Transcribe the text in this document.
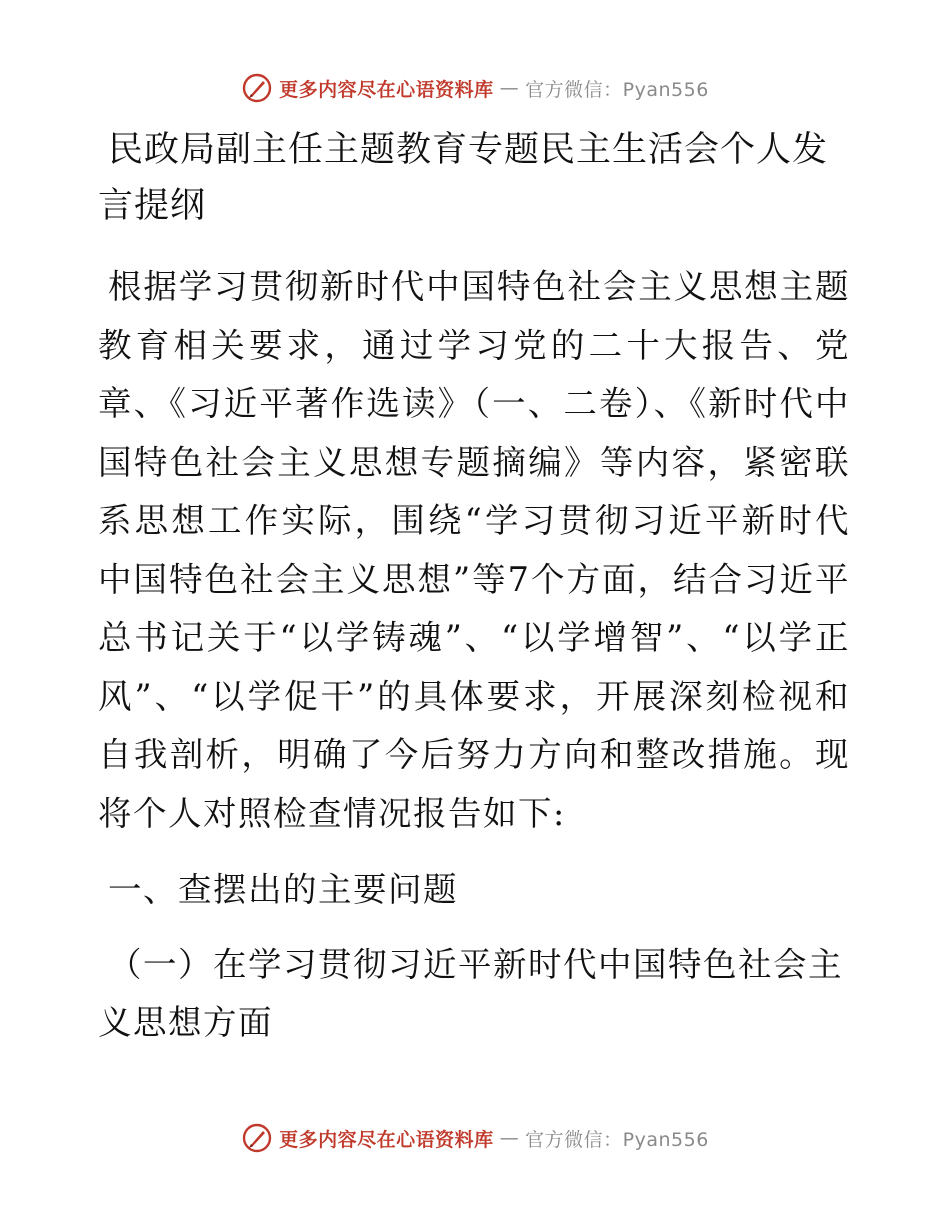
更多内容尽在心语资料库 — 官方微信：Pyan556
民政局副主任主题教育专题民主生活会个人发言提纲

根据学习贯彻新时代中国特色社会主义思想主题教育相关要求，通过学习党的二十大报告、党章、《习近平著作选读》（一、二卷）、《新时代中国特色社会主义思想专题摘编》等内容，紧密联系思想工作实际，围绕“学习贯彻习近平新时代中国特色社会主义思想”等7个方面，结合习近平总书记关于“以学铸魂”、“以学增智”、“以学正风”、“以学促干”的具体要求，开展深刻检视和自我剖析，明确了今后努力方向和整改措施。现将个人对照检查情况报告如下:

一、查摆出的主要问题

（一）在学习贯彻习近平新时代中国特色社会主义思想方面

更多内容尽在心语资料库 — 官方微信：Pyan556
